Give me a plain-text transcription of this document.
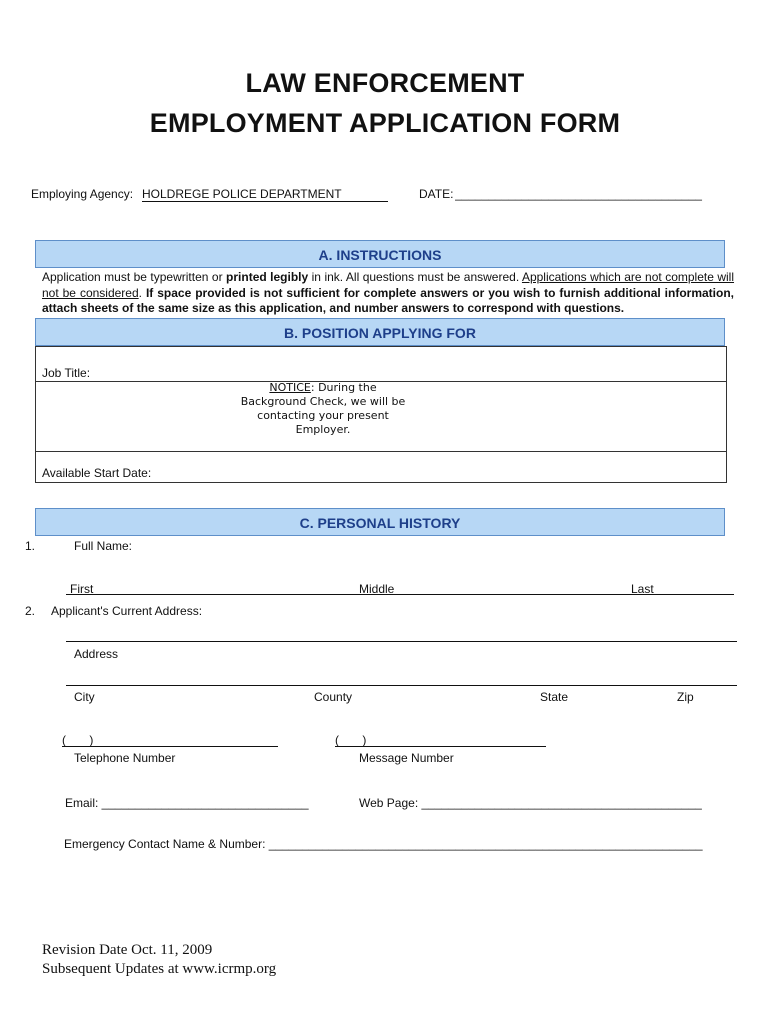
LAW ENFORCEMENT
EMPLOYMENT APPLICATION FORM
Employing Agency: HOLDREGE POLICE DEPARTMENT	DATE: _____________________________________
A. INSTRUCTIONS
Application must be typewritten or printed legibly in ink. All questions must be answered. Applications which are not complete will not be considered. If space provided is not sufficient for complete answers or you wish to furnish additional information, attach sheets of the same size as this application, and number answers to correspond with questions.
B. POSITION APPLYING FOR
Job Title:
NOTICE: During the Background Check, we will be contacting your present Employer.
Available Start Date:
C. PERSONAL HISTORY
1.	Full Name:
First	Middle	Last
2. Applicant's Current Address:
Address
City	County	State	Zip
(       )
Telephone Number
(       )
Message Number
Email: _______________________________	Web Page: __________________________________________
Emergency Contact Name & Number: _________________________________________________________________
Revision Date Oct. 11, 2009
Subsequent Updates at www.icrmp.org
